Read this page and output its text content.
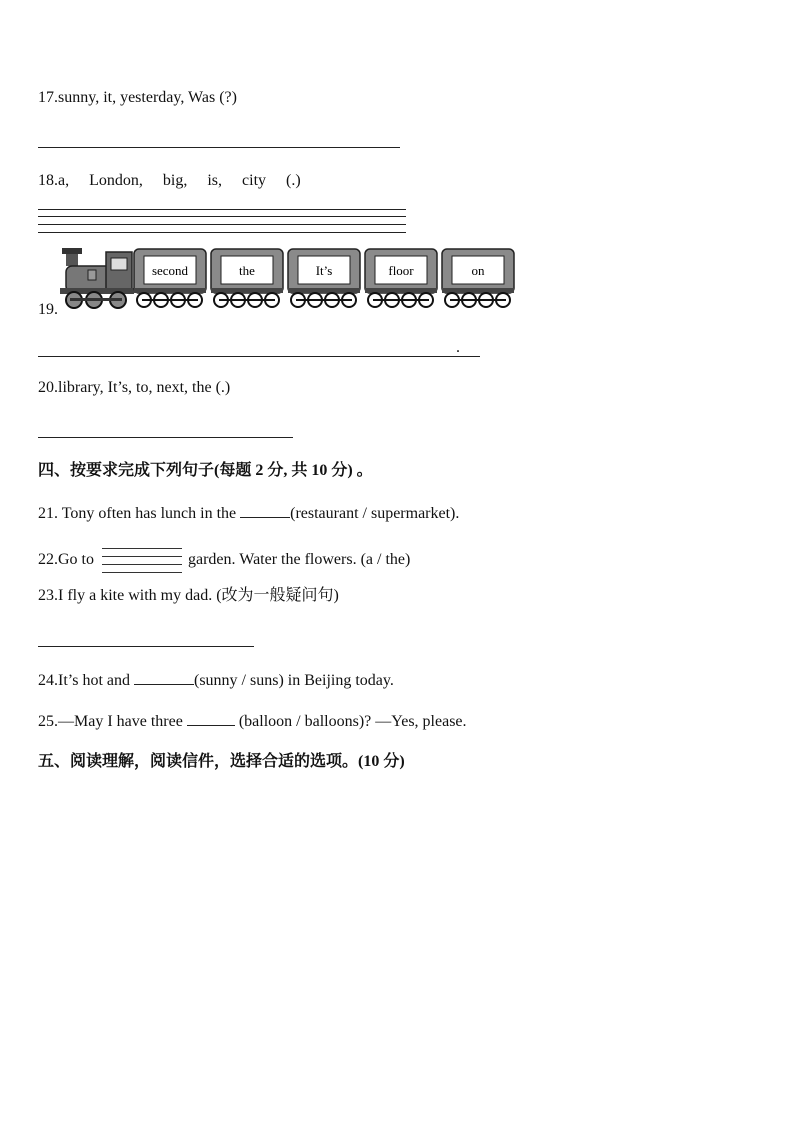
17.sunny, it, yesterday, Was (?)
18.a, London, big, is, city (.)
19.
second	the	It’s	floor	on
.
20.library, It’s, to, next, the (.)
四、按要求完成下列句子(每题 2 分, 共 10 分) 。
21. Tony often has lunch in the	(restaurant / supermarket).
22.Go to	garden. Water the flowers. (a / the)
23.I fly a kite with my dad. (改为一般疑问句)
24.It’s hot and	(sunny / suns) in Beijing today.
25.—May I have three	(balloon / balloons)? —Yes, please.
五、阅读理解，阅读信件，选择合适的选项。(10 分)
